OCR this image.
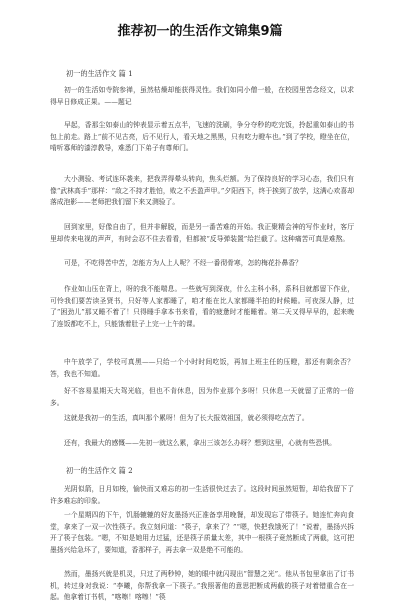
推荐初一的生活作文锦集9篇
初一的生活作文 篇 1

初一的生活如寺院参禅，虽然枯燥却能获得灵性。我们如同小僧一般，在校园里苦念经文，以求得早日修成正果。——题记

早起，香那尘如泰山的钟表显示着五点半，飞速的洗刷，争分夺秒的吃完饭，拎起重如泰山的书包上前走。路上“前不见古亮，后不见行人，看天地之黑黑，只有吃力瞪车也。”到了学校，瞪坐在位，啃听寡师的漆淳教导，难悉门下弟子有尊师门。

大小测验、考试连环袭来，把我弄得晕头转向，焦头烂额。为了保持良好的学习心态，我们只有像“武林高手”那样：“敌之不持才胜怕，败之不丢盈声甲。”夕阳西下，终于挨到了放学，这满心欢喜却落成泡影——老师把我们留下来又测验了。

回到家里，好像自由了，但并非解脱，而是另一番苦难的开始。我正聚精会神的写作业时，客厅里却传来电视的声声，有时会忍不住去看看，但都被“反导弹装置”给拦截了。这种痛苦可真是难熬。

可是，不吃得苦中苦，怎能方为人上人呢？不经一番彻骨寒，怎的梅花扑鼻香？

作业如山压在背上，呀的我不能喘息。一些就写到深夜，什么主科小科，系科目就都留下作业，可怜我们要苦读圣贤书，只好等人家都睡了，咱才能在比人家都睡半拍的时候睡。可夜深人静，过了“困劲儿”那又睡不着了！只得睡手拿本书来看，看的疲惫时才能睡着。第二天又得早早的，起来晚了连饭都吃不上，只能饿着肚子上完一上午的课。

中午放学了，学校可真黑——只给一个小时时间吃饭，再加上班主任的压瞪，那还有剩余否？答，我也不知道。

好不容易星期天大驾光临，但也不肯休息，因为作业那个多呀！只休息一天就留了正常的一倍多。

这就是我初一的生活，真叫那个累呀！但为了长大报效祖国，就必须得吃点苦了。

还有，我最大的感慨——先初一就这么累，拿出三该怎么办呀？想到这里，心就有些恐惧。

初一的生活作文 篇 2

光阴似箭，日月如梭，愉快而又难忘的初一生活很快过去了。这段时间虽然短暂，却给我留下了许多难忘的印象。

一个星期四的下午，饥肠辘辘的好友墨扬兴正准备享用晚餐，却发现忘了带筷子。她连忙奔向食堂，拿来了一双一次性筷子。我立刻问道：“筷子，拿来了？”“嗯，快把我饿死了！”说着，墨扬兴拆开了筷子包装。“嗯，不知是她用力过猛，还是筷子质量太差，其中一根筷子竟然断成了两截，这可把墨扬兴给急坏了，要知道，香那样子，再去拿一双是绝不可能的。

然而，墨扬兴就是机灵，只过了两秒钟，她的眼中就闪现出“智慧之光”。他从书包里拿出了订书机，转过身对我说：“李曦，你帮我拿一下筷子。”我照著他的意思把断成两截的筷子对着错重合在一起。他拿着订书机，“喀嚓！喀嚓！”筷
